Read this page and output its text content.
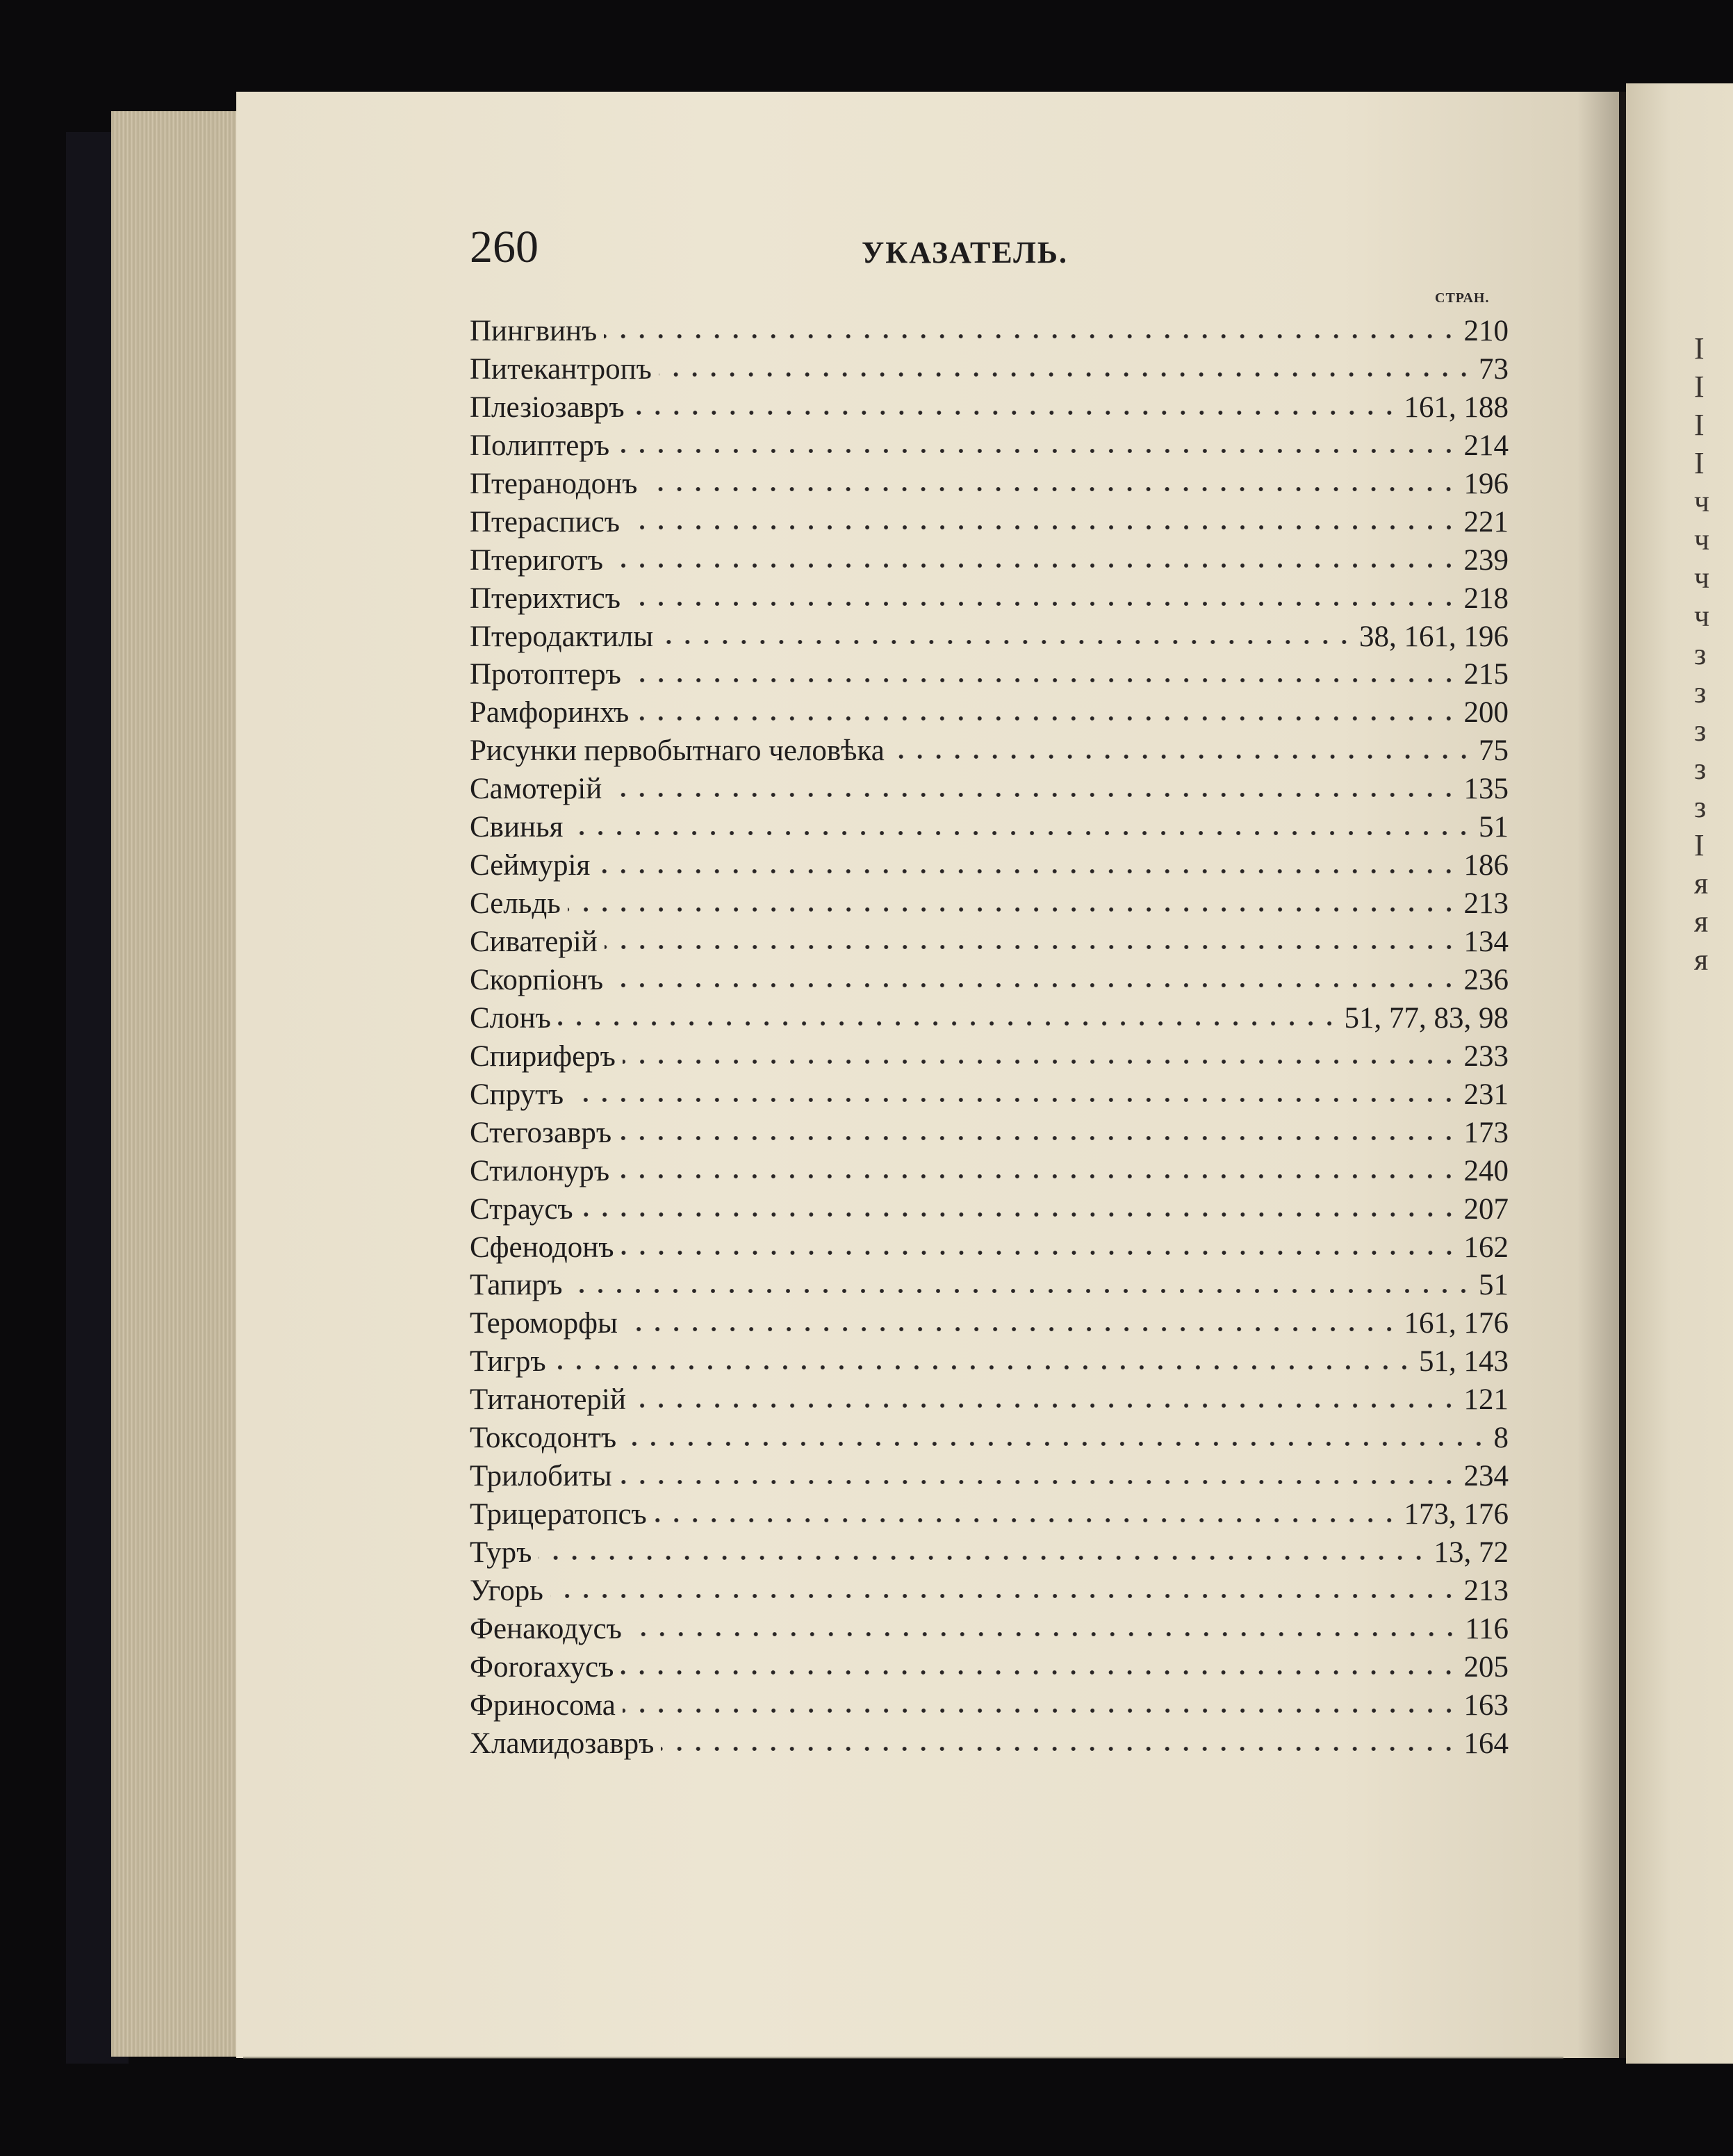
І
І
І
І
ч
ч
ч
ч
з
з
з
з
з
І
я
я
я
260	УКАЗАТЕЛЬ.
СТРАН.
Пингвинъ	210
Питекантропъ	73
Плезіозавръ	161, 188
Полиптеръ	214
Птеранодонъ	196
Птерасписъ	221
Птериготъ	239
Птерихтисъ	218
Птеродактилы	38, 161, 196
Протоптеръ	215
Рамфоринхъ	200
Рисунки первобытнаго человѣка	75
Самотерій	135
Свинья	51
Сеймурія	186
Сельдь	213
Сиватерій	134
Скорпіонъ	236
Слонъ	51, 77, 83, 98
Спириферъ	233
Спрутъ	231
Стегозавръ	173
Стилонуръ	240
Страусъ	207
Сфенодонъ	162
Тапиръ	51
Тероморфы	161, 176
Тигръ	51, 143
Титанотерій	121
Токсодонтъ	8
Трилобиты	234
Трицератопсъ	173, 176
Туръ	13, 72
Угорь	213
Фенакодусъ	116
Фororахусъ	205
Фриносома	163
Хламидозавръ	164
